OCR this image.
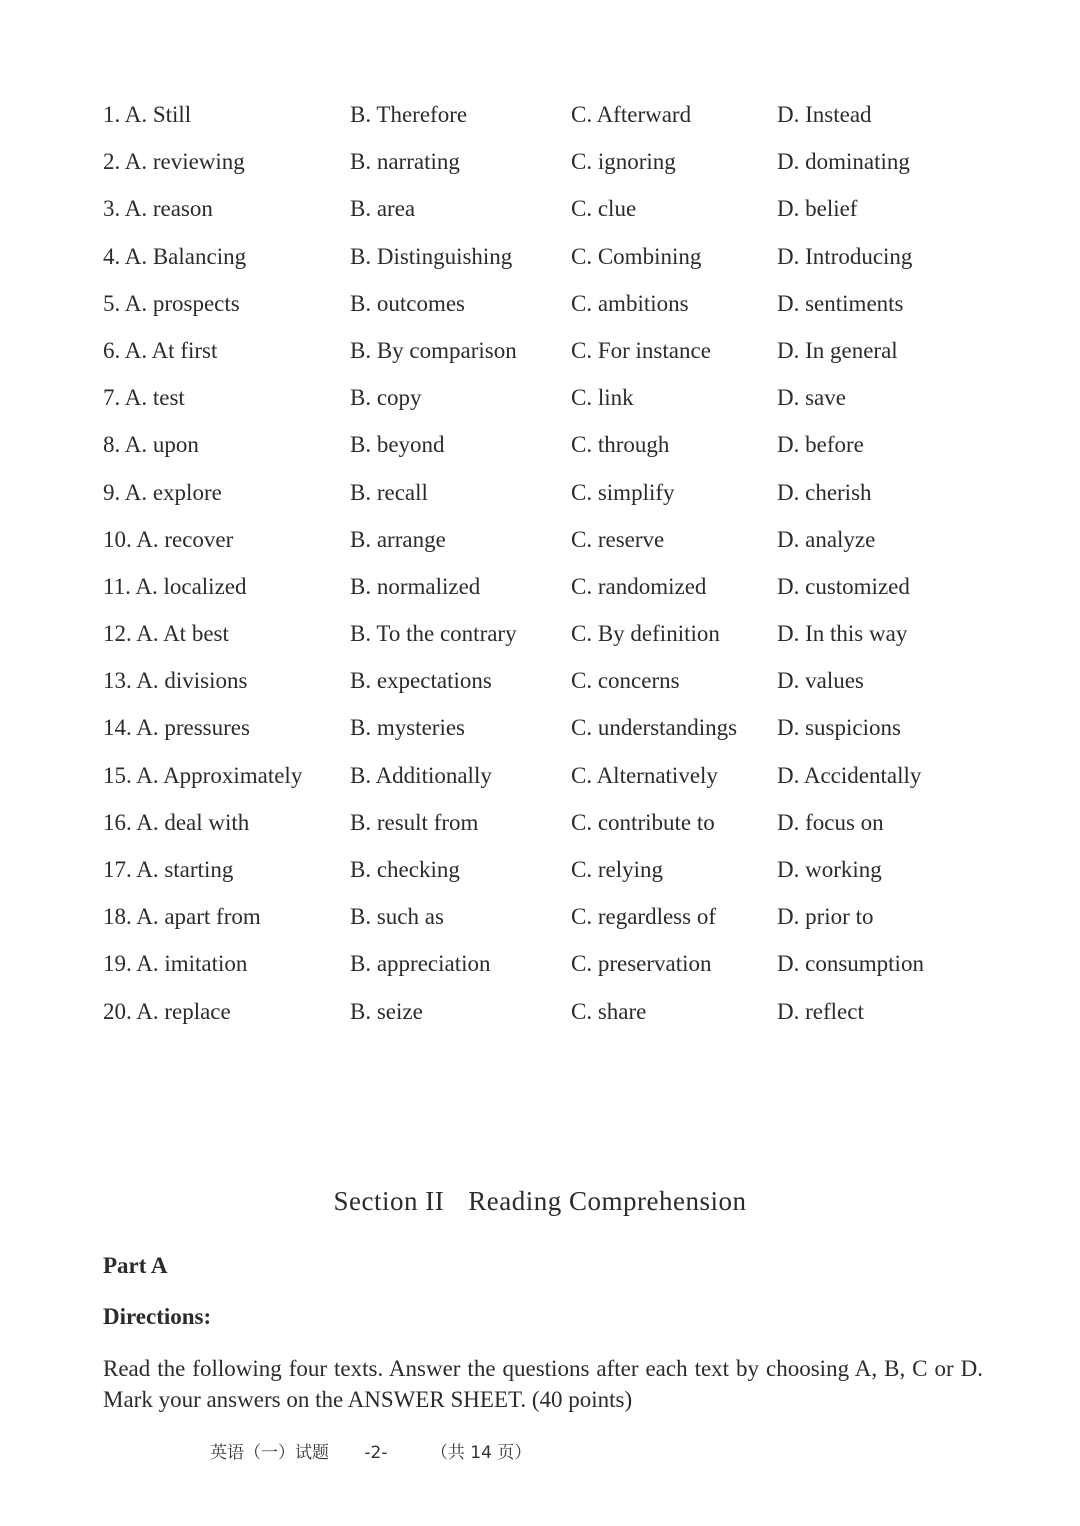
1. A. Still	B. Therefore	C. Afterward	D. Instead
2. A. reviewing	B. narrating	C. ignoring	D. dominating
3. A. reason	B. area	C. clue	D. belief
4. A. Balancing	B. Distinguishing	C. Combining	D. Introducing
5. A. prospects	B. outcomes	C. ambitions	D. sentiments
6. A. At first	B. By comparison C. For instance	D. In general
7. A. test	B. copy	C. link	D. save
8. A. upon	B. beyond	C. through	D. before
9. A. explore	B. recall	C. simplify	D. cherish
10. A. recover	B. arrange	C. reserve	D. analyze
11. A. localized	B. normalized	C. randomized	D. customized
12. A. At best	B. To the contrary C. By definition D. In this way
13. A. divisions	B. expectations	C. concerns	D. values
14. A. pressures	B. mysteries	C. understandings D. suspicions
15. A. Approximately B. Additionally	C. Alternatively	D. Accidentally
16. A. deal with	B. result from	C. contribute to	D. focus on
17. A. starting	B. checking	C. relying	D. working
18. A. apart from	B. such as	C. regardless of	D. prior to
19. A. imitation	B. appreciation	C. preservation	D. consumption
20. A. replace	B. seize	C. share	D. reflect
Section II Reading Comprehension
Part A
Directions:
Read the following four texts. Answer the questions after each text by choosing A, B, C or D. Mark your answers on the ANSWER SHEET. (40 points)
英语（一）试题 -2-	（共 14 页）
